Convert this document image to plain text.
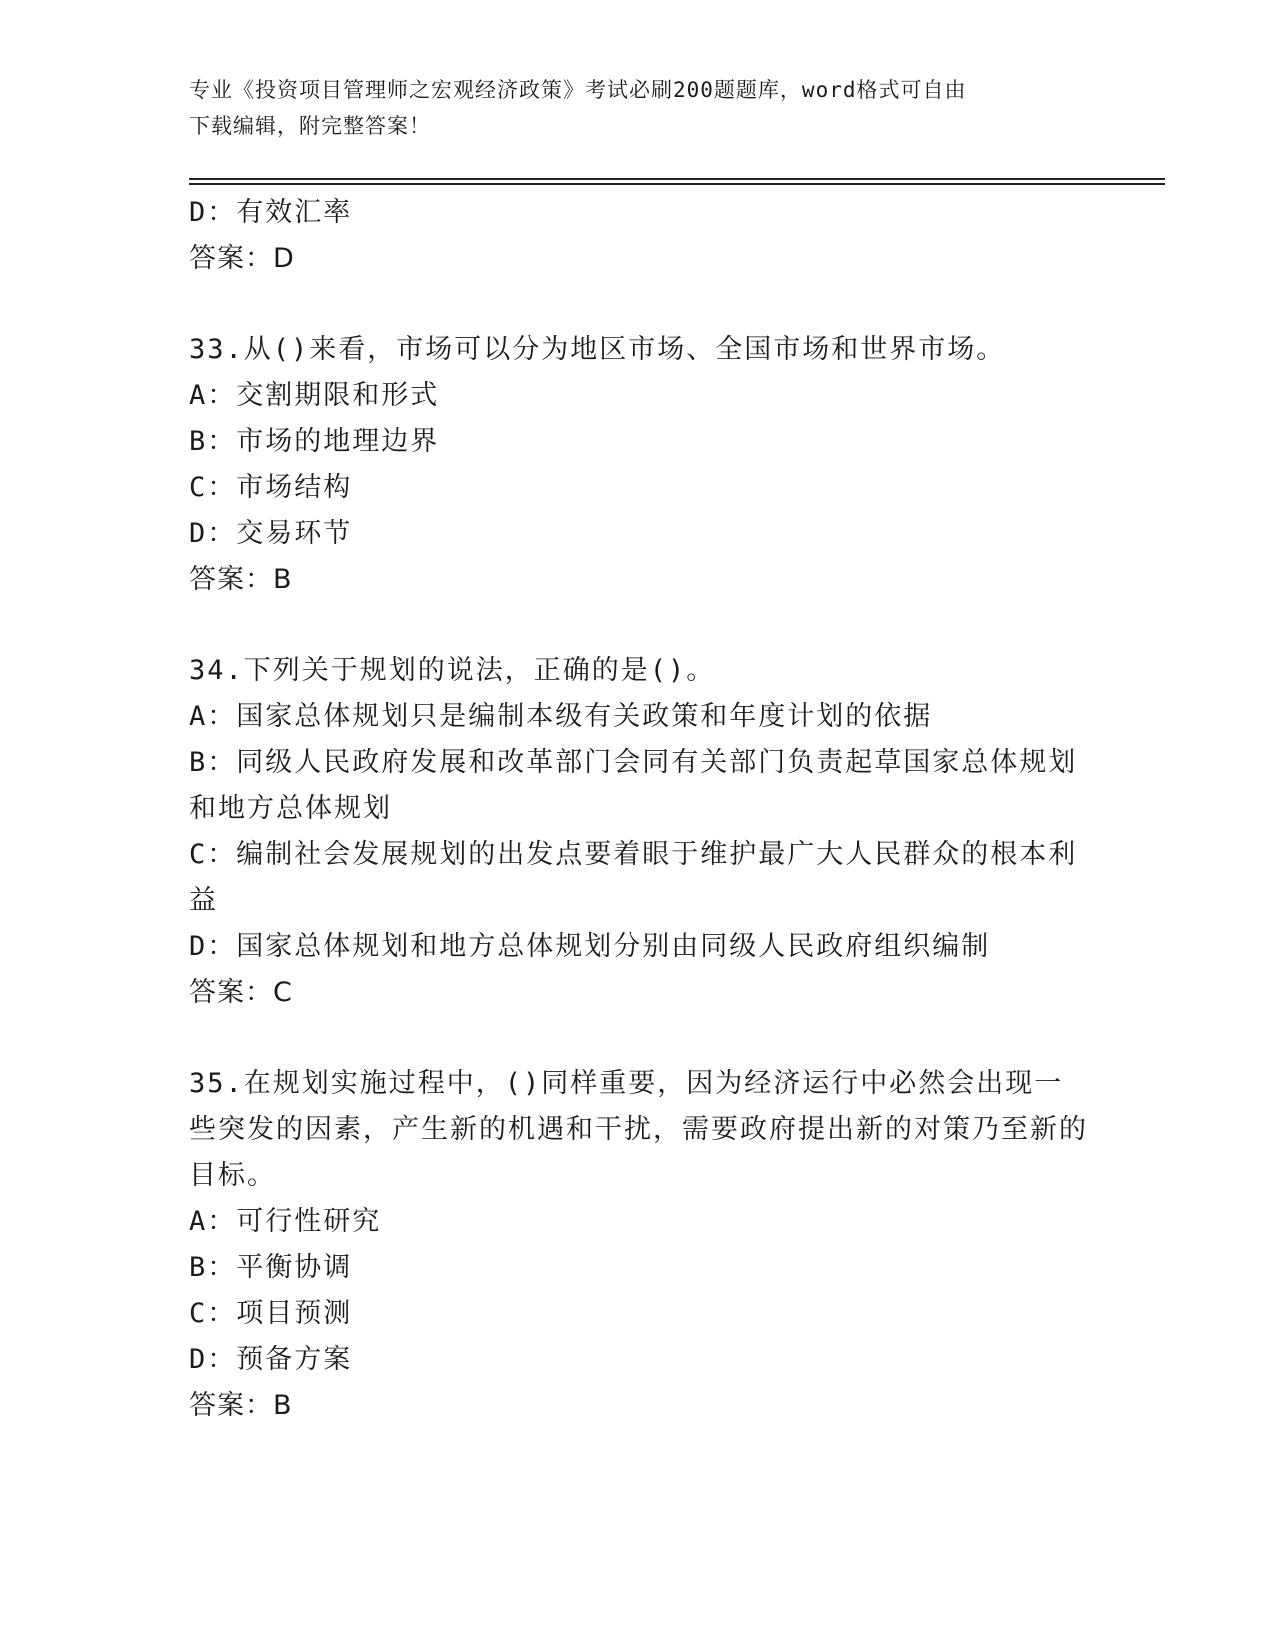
专业《投资项目管理师之宏观经济政策》考试必刷200题题库，word格式可自由
下载编辑，附完整答案！
D：有效汇率
答案：D
33.从()来看，市场可以分为地区市场、全国市场和世界市场。
A：交割期限和形式
B：市场的地理边界
C：市场结构
D：交易环节
答案：B
34.下列关于规划的说法，正确的是()。
A：国家总体规划只是编制本级有关政策和年度计划的依据
B：同级人民政府发展和改革部门会同有关部门负责起草国家总体规划和地方总体规划
C：编制社会发展规划的出发点要着眼于维护最广大人民群众的根本利益
D：国家总体规划和地方总体规划分别由同级人民政府组织编制
答案：C
35.在规划实施过程中，()同样重要，因为经济运行中必然会出现一些突发的因素，产生新的机遇和干扰，需要政府提出新的对策乃至新的目标。
A：可行性研究
B：平衡协调
C：项目预测
D：预备方案
答案：B
